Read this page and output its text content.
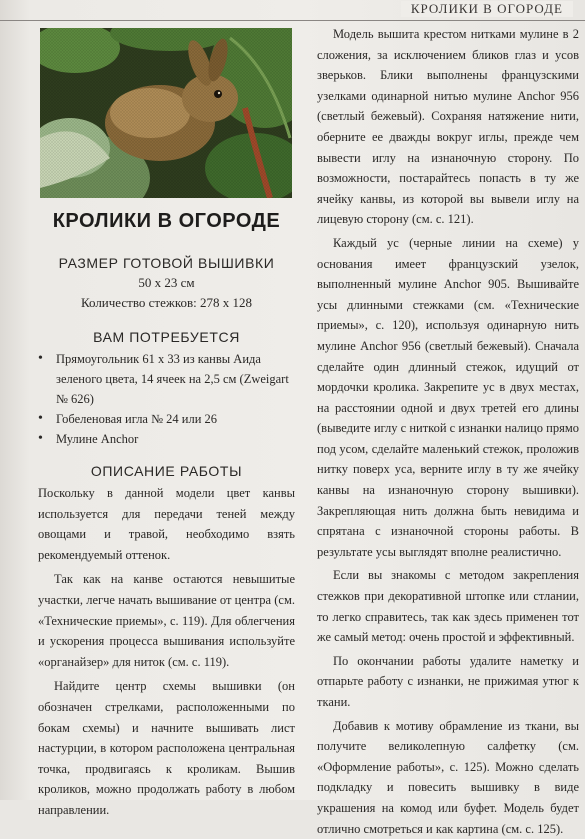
КРОЛИКИ В ОГОРОДЕ
КРОЛИКИ В ОГОРОДЕ
РАЗМЕР ГОТОВОЙ ВЫШИВКИ
50 х 23 см
Количество стежков: 278 х 128
ВАМ ПОТРЕБУЕТСЯ
• Прямоугольник 61 х 33 из канвы Аида зеленого цвета, 14 ячеек на 2,5 см (Zweigart № 626)
• Гобеленовая игла № 24 или 26
• Мулине Anchor
ОПИСАНИЕ РАБОТЫ

Поскольку в данной модели цвет канвы используется для передачи теней между овощами и травой, необходимо взять рекомендуемый оттенок.

Так как на канве остаются невышитые участки, легче начать вышивание от центра (см. «Технические приемы», с. 119). Для облегчения и ускорения процесса вышивания используйте «органайзер» для ниток (см. с. 119).

Найдите центр схемы вышивки (он обозначен стрелками, расположенными по бокам схемы) и начните вышивать лист настурции, в котором расположена центральная точка, продвигаясь к кроликам. Вышив кроликов, можно продолжать работу в любом направлении.

Модель вышита крестом нитками мулине в 2 сложения, за исключением бликов глаз и усов зверьков. Блики выполнены французскими узелками одинарной нитью мулине Anchor 956 (светлый бежевый). Сохраняя натяжение нити, оберните ее дважды вокруг иглы, прежде чем вывести иглу на изнаночную сторону. По возможности, постарайтесь попасть в ту же ячейку канвы, из которой вы вывели иглу на лицевую сторону (см. с. 121).

Каждый ус (черные линии на схеме) у основания имеет французский узелок, выполненный мулине Anchor 905. Вышивайте усы длинными стежками (см. «Технические приемы», с. 120), используя одинарную нить мулине Anchor 956 (светлый бежевый). Сначала сделайте один длинный стежок, идущий от мордочки кролика. Закрепите ус в двух местах, на расстоянии одной и двух третей его длины (выведите иглу с ниткой с изнанки налицо прямо под усом, сделайте маленький стежок, проложив нитку поверх уса, верните иглу в ту же ячейку канвы на изнаночную сторону вышивки). Закрепляющая нить должна быть невидима и спрятана с изнаночной стороны работы. В результате усы выглядят вполне реалистично.

Если вы знакомы с методом закрепления стежков при декоративной штопке или стлании, то легко справитесь, так как здесь применен тот же самый метод: очень простой и эффективный.

По окончании работы удалите наметку и отпарьте работу с изнанки, не прижимая утюг к ткани.

Добавив к мотиву обрамление из ткани, вы получите великолепную салфетку (см. «Оформление работы», с. 125). Можно сделать подкладку и повесить вышивку в виде украшения на комод или буфет. Модель будет отлично смотреться и как картина (см. с. 125).
